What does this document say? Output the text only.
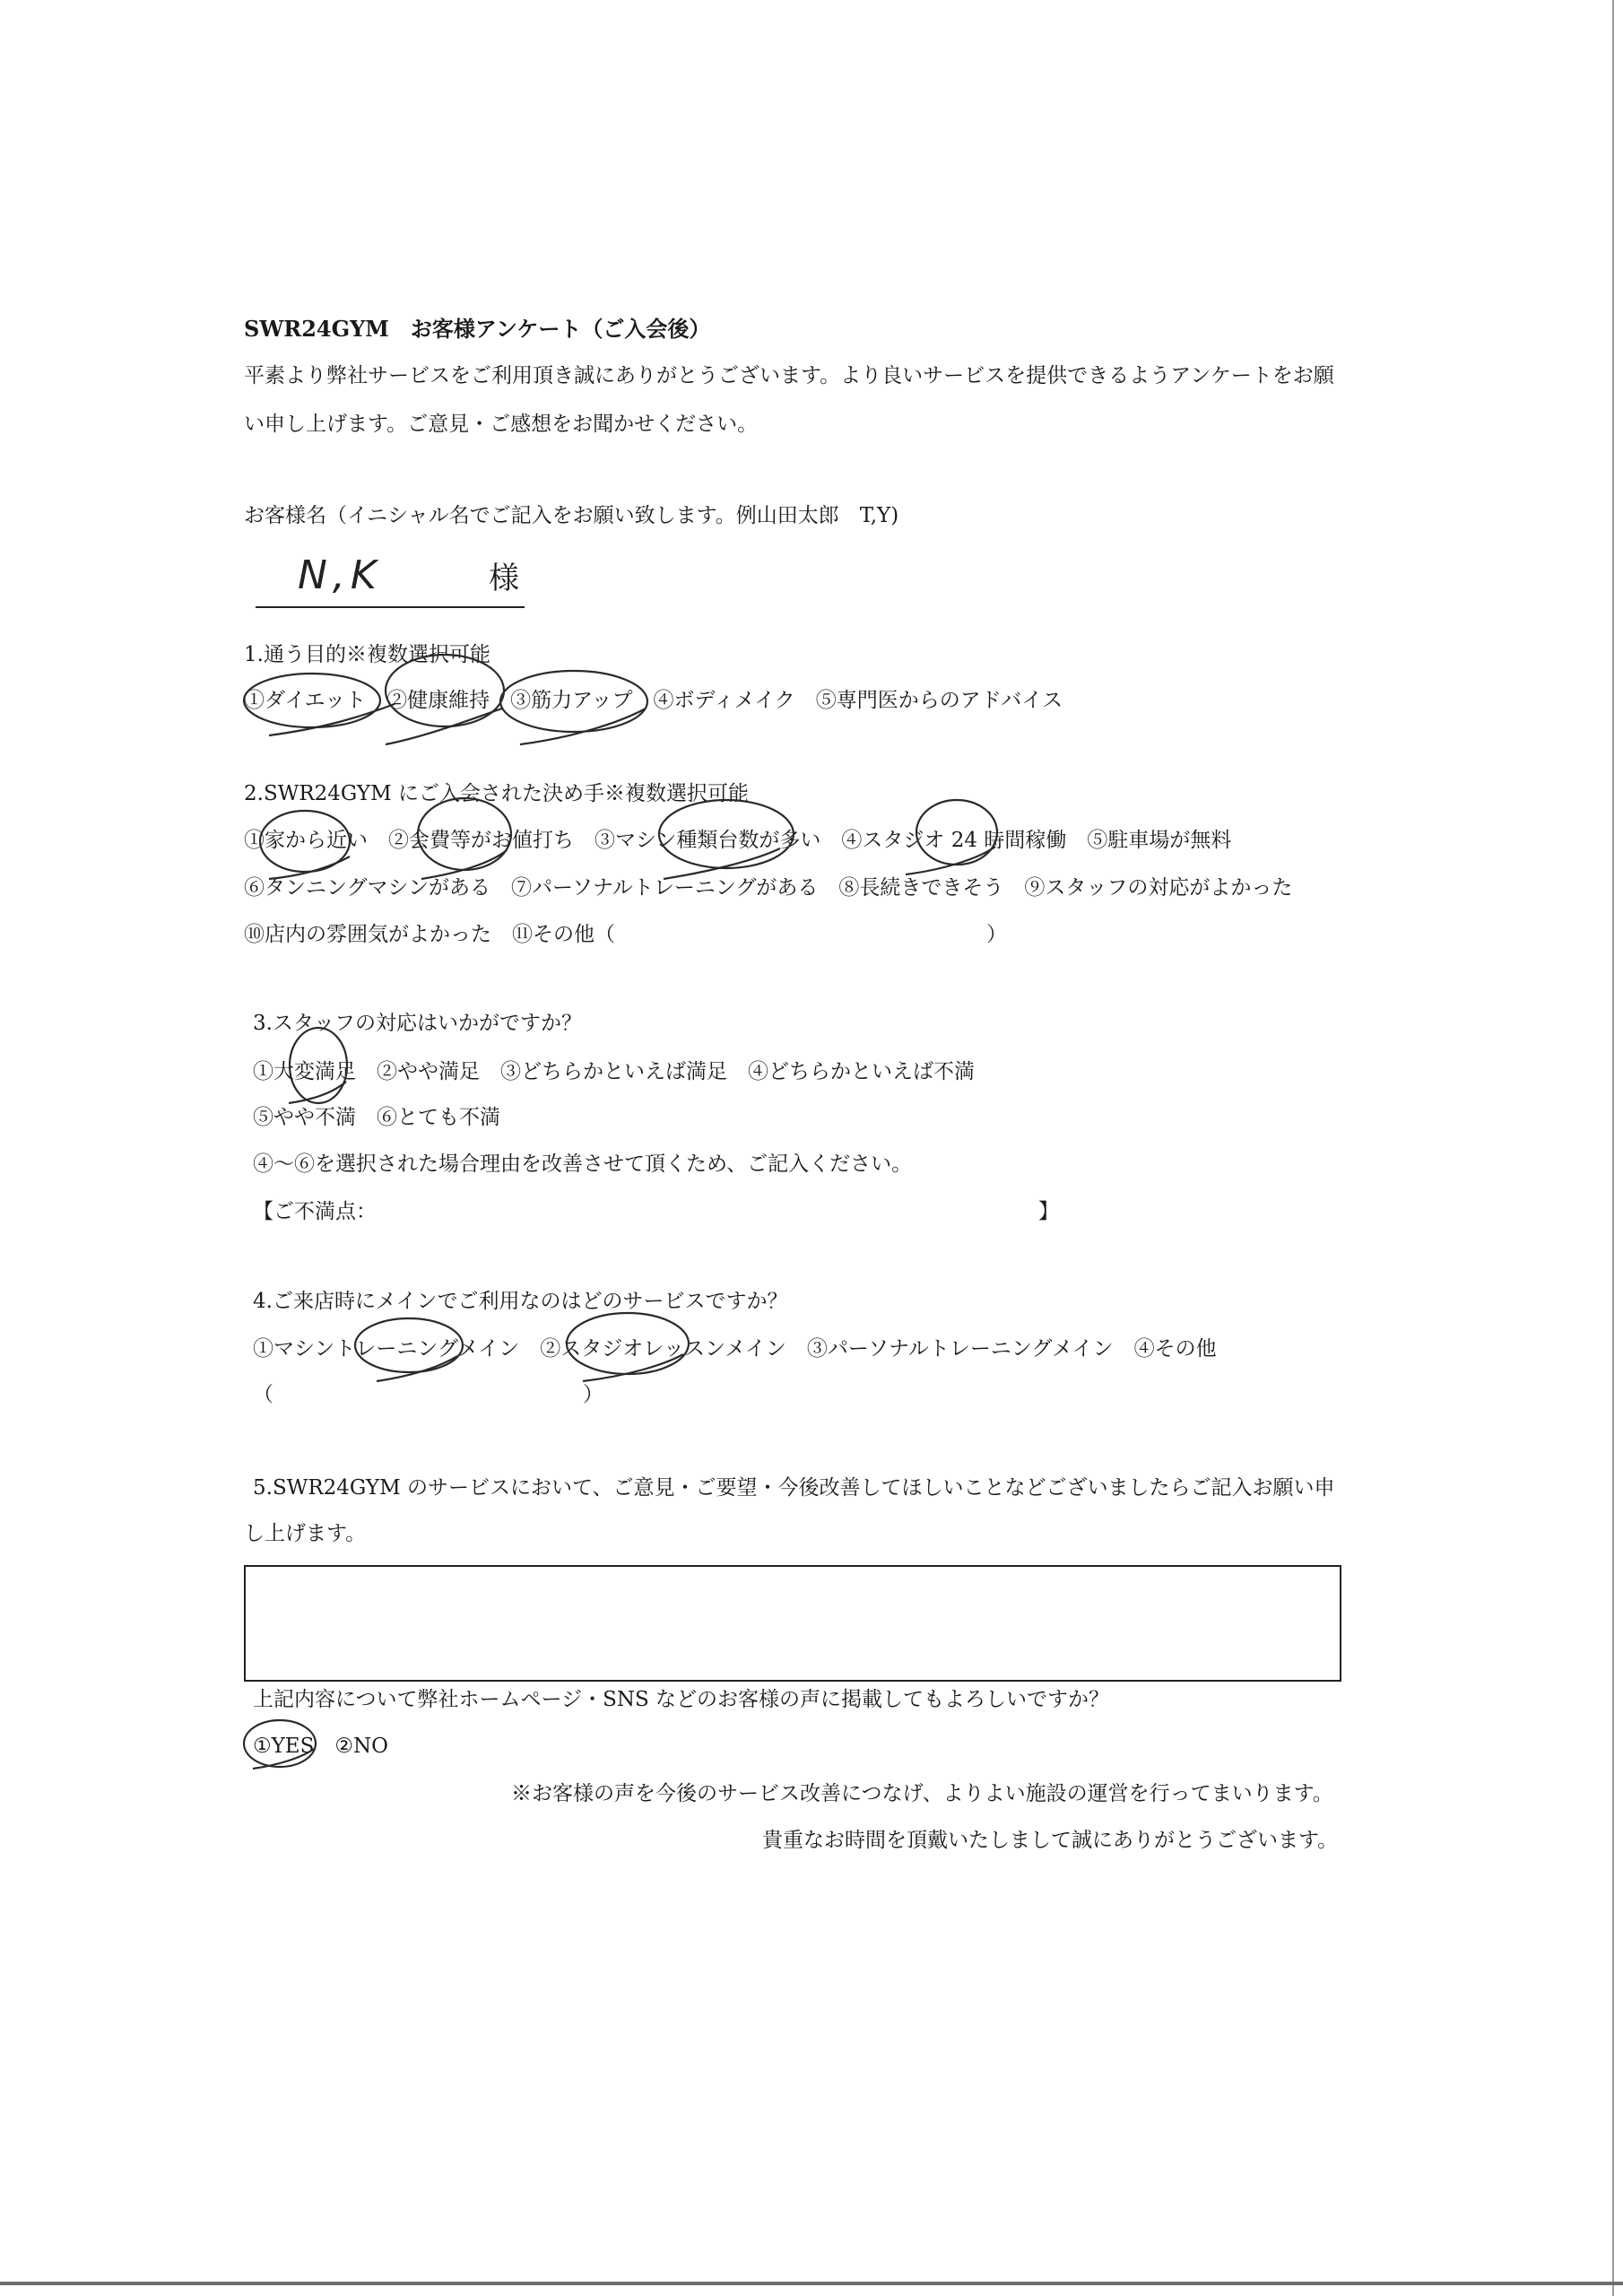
SWR24GYM　お客様アンケート（ご入会後）
平素より弊社サービスをご利用頂き誠にありがとうございます。より良いサービスを提供できるようアンケートをお願
い申し上げます。ご意見・ご感想をお聞かせください。
お客様名（イニシャル名でご記入をお願い致します。例山田太郎　T,Y)
N,K	様
1.通う目的※複数選択可能
①ダイエット　②健康維持　③筋力アップ　④ボディメイク　⑤専門医からのアドバイス
2.SWR24GYM にご入会された決め手※複数選択可能
①家から近い　②会費等がお値打ち　③マシン種類台数が多い　④スタジオ 24 時間稼働　⑤駐車場が無料
⑥タンニングマシンがある　⑦パーソナルトレーニングがある　⑧長続きできそう　⑨スタッフの対応がよかった
⑩店内の雰囲気がよかった　⑪その他（　　　　　　　　　　　　　　　　　　）
3.スタッフの対応はいかがですか？
①大変満足　②やや満足　③どちらかといえば満足　④どちらかといえば不満
⑤やや不満　⑥とても不満
④～⑥を選択された場合理由を改善させて頂くため、ご記入ください。
【ご不満点：	】
4.ご来店時にメインでご利用なのはどのサービスですか？
①マシントレーニングメイン　②スタジオレッスンメイン　③パーソナルトレーニングメイン　④その他
（　　　　　　　　　　　　　　　）
5.SWR24GYM のサービスにおいて、ご意見・ご要望・今後改善してほしいことなどございましたらご記入お願い申
し上げます。
上記内容について弊社ホームページ・SNS などのお客様の声に掲載してもよろしいですか？
①YES　②NO
※お客様の声を今後のサービス改善につなげ、よりよい施設の運営を行ってまいります。
貴重なお時間を頂戴いたしまして誠にありがとうございます。
